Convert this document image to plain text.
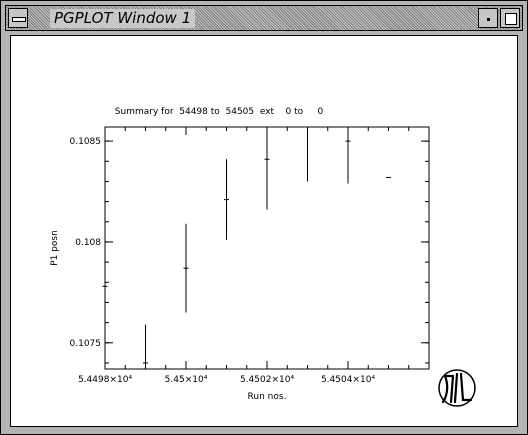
PGPLOT Window 1
Summary for  54498 to  54505  ext    0 to     0
5.4498×10⁴	5.45×10⁴	5.4502×10⁴	5.4504×10⁴
0.1075
0.108
0.1085
Run nos.
P1 posn
